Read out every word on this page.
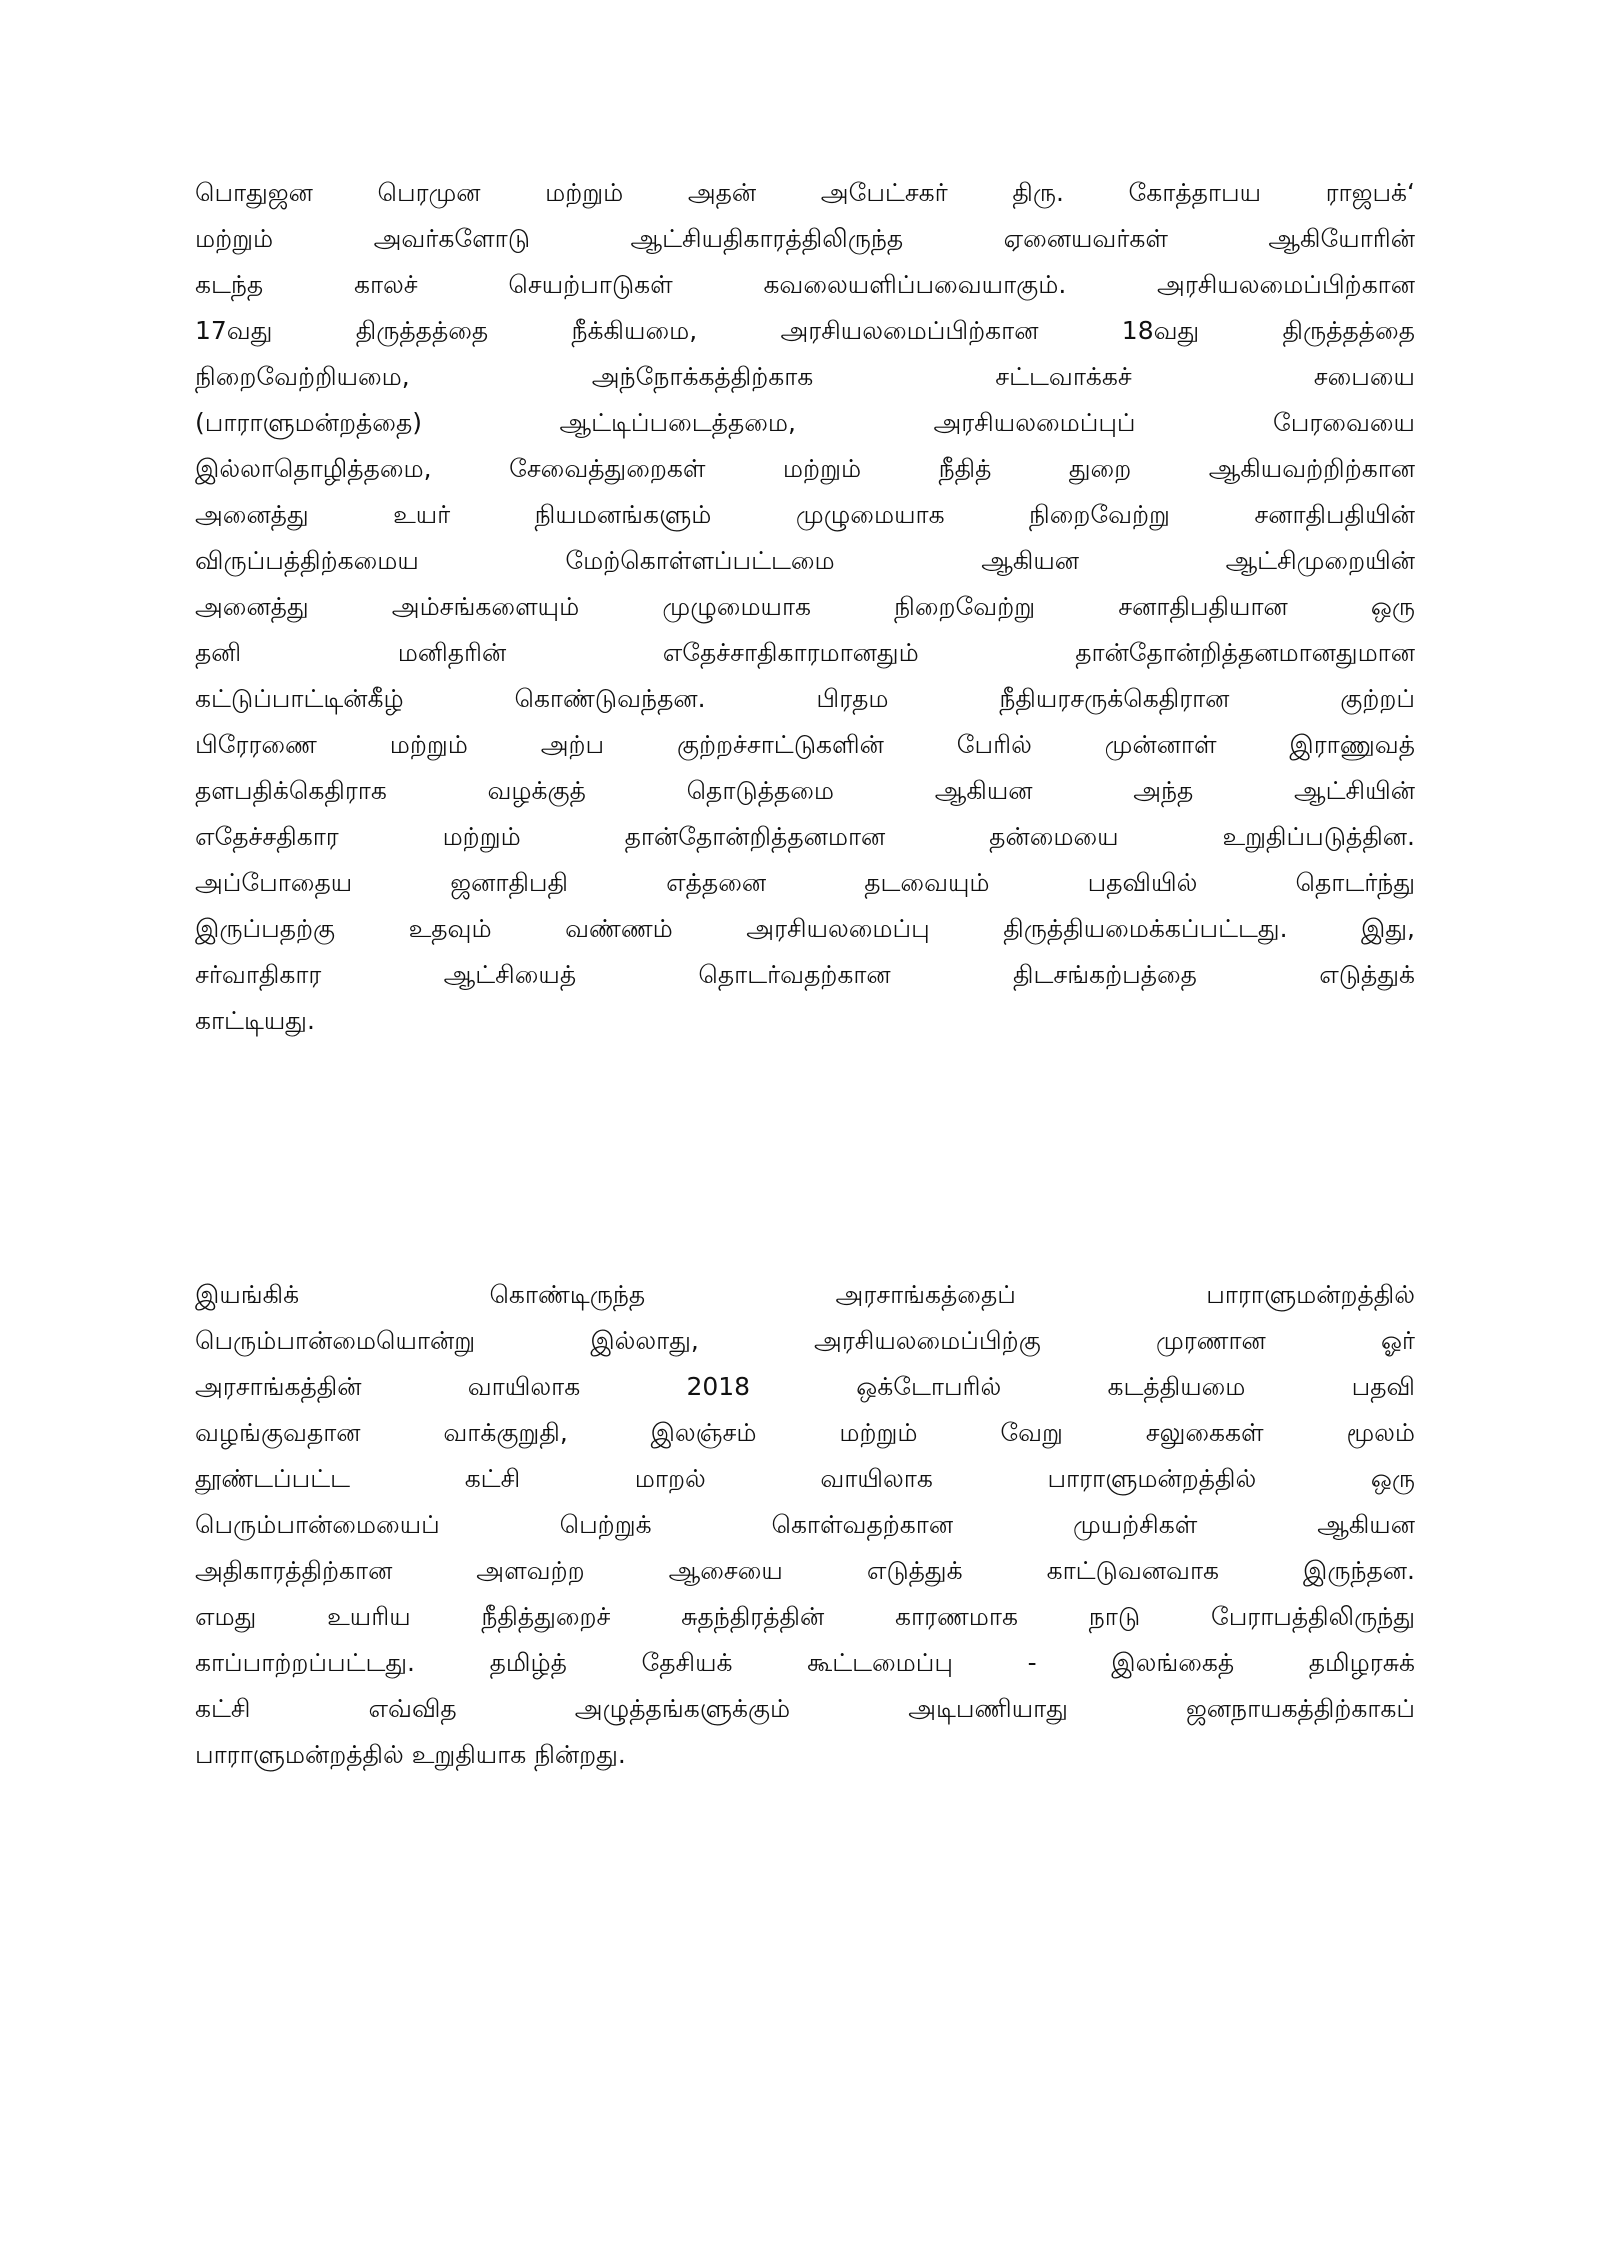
பொதுஜன பெரமுன மற்றும் அதன் அபேட்சகர் திரு. கோத்தாபய ராஜபக்‘
மற்றும் அவர்களோடு ஆட்சியதிகாரத்திலிருந்த ஏனையவர்கள் ஆகியோரின்
கடந்த காலச் செயற்பாடுகள் கவலையளிப்பவையாகும். அரசியலமைப்பிற்கான
17வது திருத்தத்தை நீக்கியமை, அரசியலமைப்பிற்கான 18வது திருத்தத்தை
நிறைவேற்றியமை, அந்நோக்கத்திற்காக சட்டவாக்கச் சபையை
(பாராளுமன்றத்தை) ஆட்டிப்படைத்தமை, அரசியலமைப்புப் பேரவையை
இல்லாதொழித்தமை, சேவைத்துறைகள் மற்றும் நீதித் துறை ஆகியவற்றிற்கான
அனைத்து உயர் நியமனங்களும் முழுமையாக நிறைவேற்று சனாதிபதியின்
விருப்பத்திற்கமைய மேற்கொள்ளப்பட்டமை ஆகியன ஆட்சிமுறையின்
அனைத்து அம்சங்களையும் முழுமையாக நிறைவேற்று சனாதிபதியான ஒரு
தனி மனிதரின் எதேச்சாதிகாரமானதும் தான்தோன்றித்தனமானதுமான
கட்டுப்பாட்டின்கீழ் கொண்டுவந்தன. பிரதம நீதியரசருக்கெதிரான குற்றப்
பிரேரணை மற்றும் அற்ப குற்றச்சாட்டுகளின் பேரில் முன்னாள் இராணுவத்
தளபதிக்கெதிராக வழக்குத் தொடுத்தமை ஆகியன அந்த ஆட்சியின்
எதேச்சதிகார மற்றும் தான்தோன்றித்தனமான தன்மையை உறுதிப்படுத்தின.
அப்போதைய ஜனாதிபதி எத்தனை தடவையும் பதவியில் தொடர்ந்து
இருப்பதற்கு உதவும் வண்ணம் அரசியலமைப்பு திருத்தியமைக்கப்பட்டது. இது,
சர்வாதிகார ஆட்சியைத் தொடர்வதற்கான திடசங்கற்பத்தை எடுத்துக்
காட்டியது.
இயங்கிக் கொண்டிருந்த அரசாங்கத்தைப் பாராளுமன்றத்தில்
பெரும்பான்மையொன்று இல்லாது, அரசியலமைப்பிற்கு முரணான ஓர்
அரசாங்கத்தின் வாயிலாக 2018 ஒக்டோபரில் கடத்தியமை பதவி
வழங்குவதான வாக்குறுதி, இலஞ்சம் மற்றும் வேறு சலுகைகள் மூலம்
தூண்டப்பட்ட கட்சி மாறல் வாயிலாக பாராளுமன்றத்தில் ஒரு
பெரும்பான்மையைப் பெற்றுக் கொள்வதற்கான முயற்சிகள் ஆகியன
அதிகாரத்திற்கான அளவற்ற ஆசையை எடுத்துக் காட்டுவனவாக இருந்தன.
எமது உயரிய நீதித்துறைச் சுதந்திரத்தின் காரணமாக நாடு பேராபத்திலிருந்து
காப்பாற்றப்பட்டது. தமிழ்த் தேசியக் கூட்டமைப்பு - இலங்கைத் தமிழரசுக்
கட்சி எவ்வித அழுத்தங்களுக்கும் அடிபணியாது ஜனநாயகத்திற்காகப்
பாராளுமன்றத்தில் உறுதியாக நின்றது.
